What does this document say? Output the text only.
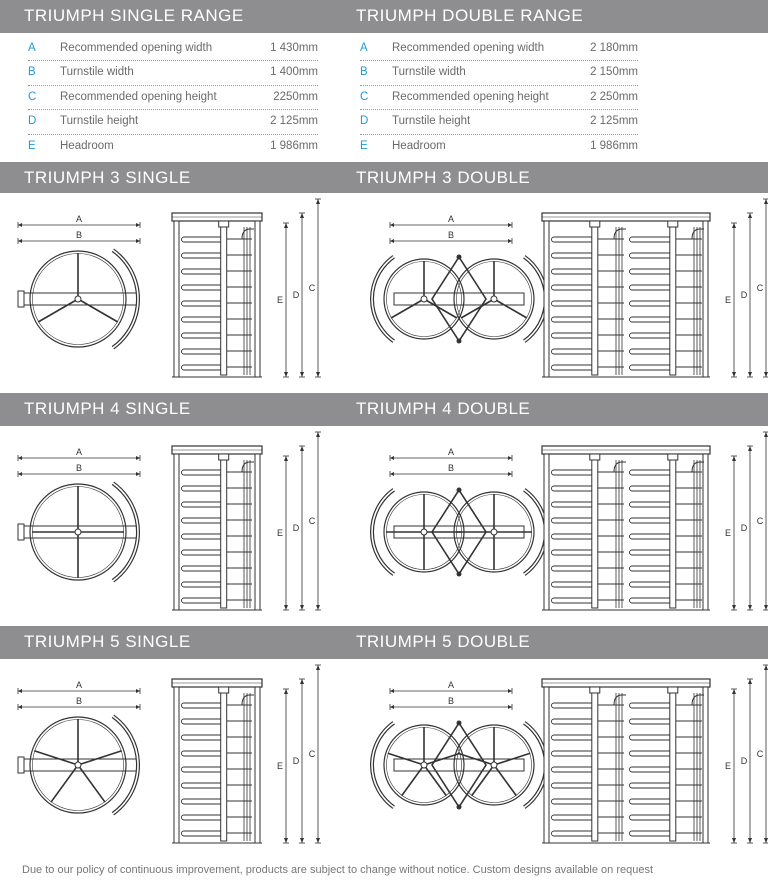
TRIUMPH SINGLE RANGE	TRIUMPH DOUBLE RANGE
A Recommended opening width	1 430mm
B Turnstile width	1 400mm
C Recommended opening height	2250mm
D Turnstile height	2 125mm
E Headroom	1 986mm
A Recommended opening width	2 180mm
B Turnstile width	2 150mm
C Recommended opening height	2 250mm
D Turnstile height	2 125mm
E Headroom	1 986mm
TRIUMPH 3 SINGLE	TRIUMPH 3 DOUBLE
TRIUMPH 4 SINGLE	TRIUMPH 4 DOUBLE
TRIUMPH 5 SINGLE	TRIUMPH 5 DOUBLE
A
B
E D
C
A
B
E D
C
A
B
E D
C
A
B
E D
C
A
B
E D
C
A
B
E D
C
Due to our policy of continuous improvement, products are subject to change without notice. Custom designs available on request
